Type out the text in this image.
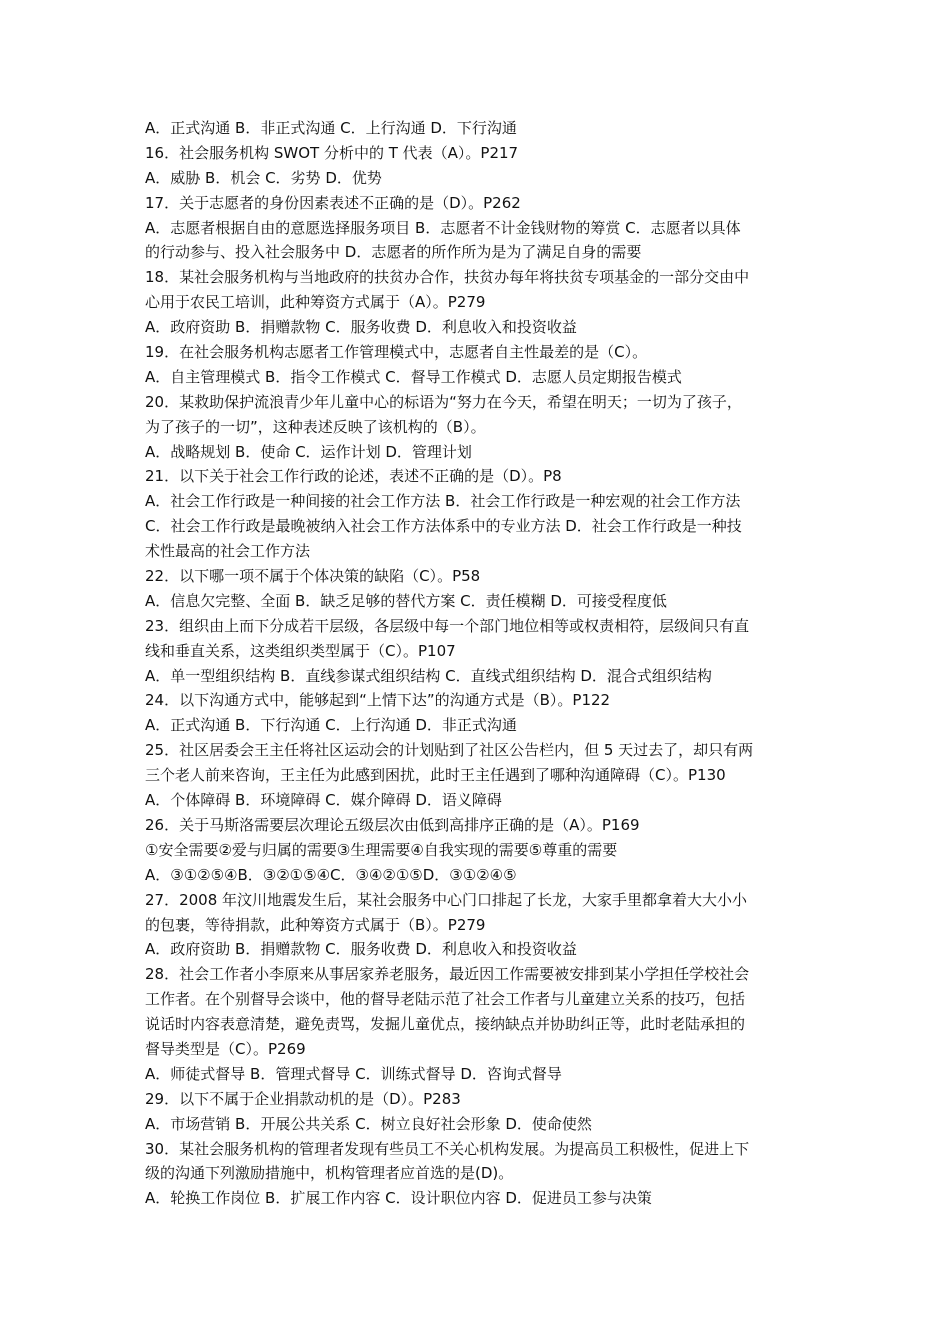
A．正式沟通 B．非正式沟通 C．上行沟通 D．下行沟通
16．社会服务机构 SWOT 分析中的 T 代表（A）。P217
A．威胁 B．机会 C．劣势 D．优势
17．关于志愿者的身份因素表述不正确的是（D）。P262
A．志愿者根据自由的意愿选择服务项目 B．志愿者不计金钱财物的筹赏 C．志愿者以具体
的行动参与、投入社会服务中 D．志愿者的所作所为是为了满足自身的需要
18．某社会服务机构与当地政府的扶贫办合作，扶贫办每年将扶贫专项基金的一部分交由中
心用于农民工培训，此种筹资方式属于（A）。P279
A．政府资助 B．捐赠款物 C．服务收费 D．利息收入和投资收益
19．在社会服务机构志愿者工作管理模式中，志愿者自主性最差的是（C）。
A．自主管理模式 B．指令工作模式 C．督导工作模式 D．志愿人员定期报告模式
20．某救助保护流浪青少年儿童中心的标语为“努力在今天，希望在明天；一切为了孩子，
为了孩子的一切”，这种表述反映了该机构的（B）。
A．战略规划 B．使命 C．运作计划 D．管理计划
21．以下关于社会工作行政的论述，表述不正确的是（D）。P8
A．社会工作行政是一种间接的社会工作方法 B．社会工作行政是一种宏观的社会工作方法
C．社会工作行政是最晚被纳入社会工作方法体系中的专业方法 D．社会工作行政是一种技
术性最高的社会工作方法
22．以下哪一项不属于个体决策的缺陷（C）。P58
A．信息欠完整、全面 B．缺乏足够的替代方案 C．责任模糊 D．可接受程度低
23．组织由上而下分成若干层级，各层级中每一个部门地位相等或权责相符，层级间只有直
线和垂直关系，这类组织类型属于（C）。P107
A．单一型组织结构 B．直线参谋式组织结构 C．直线式组织结构 D．混合式组织结构
24．以下沟通方式中，能够起到“上情下达”的沟通方式是（B）。P122
A．正式沟通 B．下行沟通 C．上行沟通 D．非正式沟通
25．社区居委会王主任将社区运动会的计划贴到了社区公告栏内，但 5 天过去了，却只有两
三个老人前来咨询，王主任为此感到困扰，此时王主任遇到了哪种沟通障碍（C）。P130
A．个体障碍 B．环境障碍 C．媒介障碍 D．语义障碍
26．关于马斯洛需要层次理论五级层次由低到高排序正确的是（A）。P169
①安全需要②爱与归属的需要③生理需要④自我实现的需要⑤尊重的需要
A．③①②⑤④B．③②①⑤④C．③④②①⑤D．③①②④⑤
27．2008 年汶川地震发生后，某社会服务中心门口排起了长龙，大家手里都拿着大大小小
的包裹，等待捐款，此种筹资方式属于（B）。P279
A．政府资助 B．捐赠款物 C．服务收费 D．利息收入和投资收益
28．社会工作者小李原来从事居家养老服务，最近因工作需要被安排到某小学担任学校社会
工作者。在个别督导会谈中，他的督导老陆示范了社会工作者与儿童建立关系的技巧，包括
说话时内容表意清楚，避免责骂，发掘儿童优点，接纳缺点并协助纠正等，此时老陆承担的
督导类型是（C）。P269
A．师徒式督导 B．管理式督导 C．训练式督导 D．咨询式督导
29．以下不属于企业捐款动机的是（D）。P283
A．市场营销 B．开展公共关系 C．树立良好社会形象 D．使命使然
30．某社会服务机构的管理者发现有些员工不关心机构发展。为提高员工积极性，促进上下
级的沟通下列激励措施中，机构管理者应首选的是(D)。
A．轮换工作岗位 B．扩展工作内容 C．设计职位内容 D．促进员工参与决策
